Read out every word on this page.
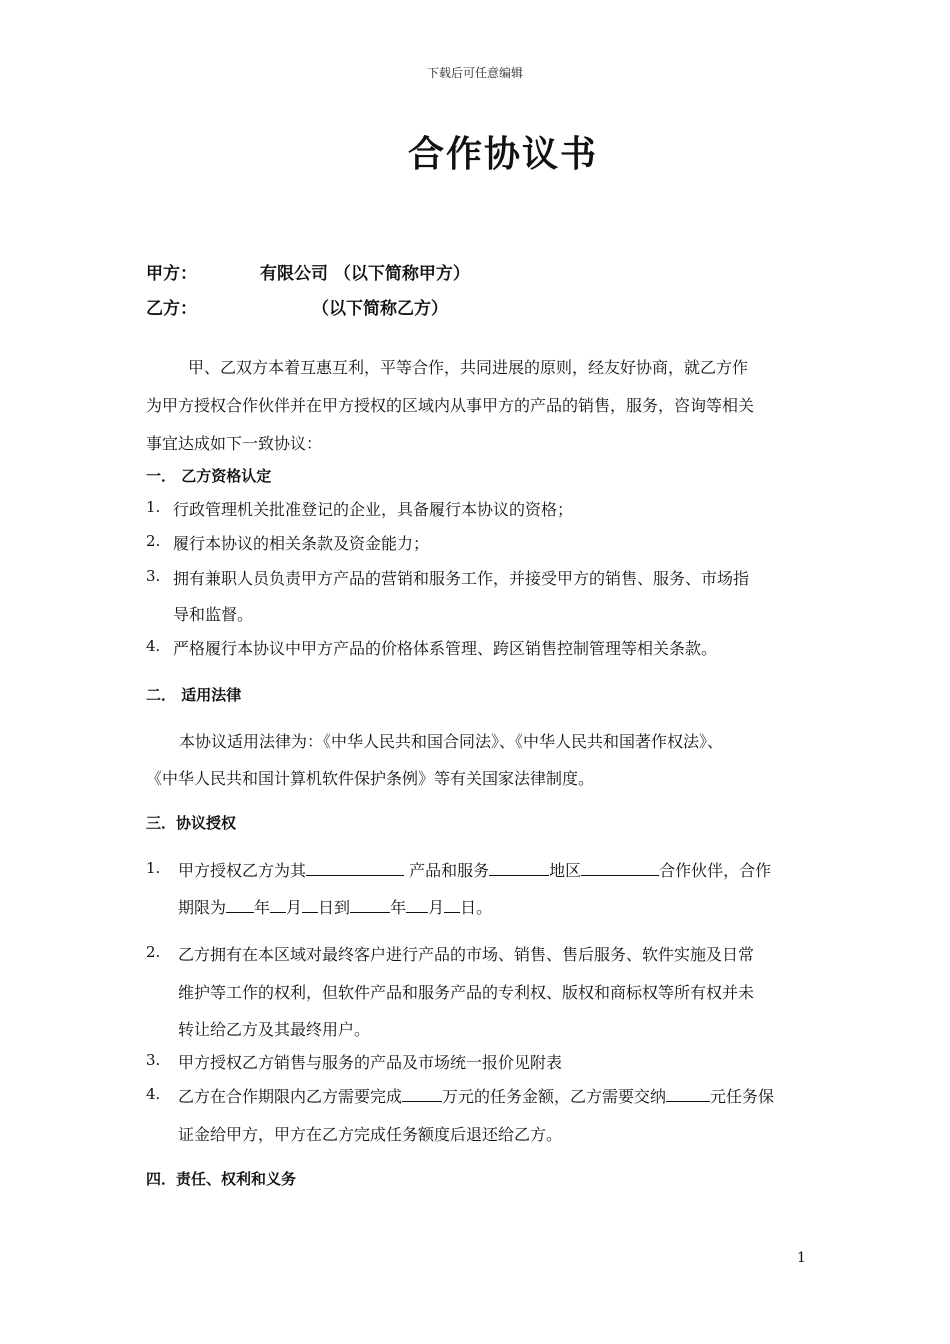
下载后可任意编辑
合作协议书
甲方：	有限公司 （以下简称甲方）
乙方：	（以下简称乙方）
甲、乙双方本着互惠互利，平等合作，共同进展的原则，经友好协商，就乙方作
为甲方授权合作伙伴并在甲方授权的区域内从事甲方的产品的销售，服务，咨询等相关
事宜达成如下一致协议：
一． 乙方资格认定
1. 行政管理机关批准登记的企业，具备履行本协议的资格；
2. 履行本协议的相关条款及资金能力；
3. 拥有兼职人员负责甲方产品的营销和服务工作，并接受甲方的销售、服务、市场指
导和监督。
4. 严格履行本协议中甲方产品的价格体系管理、跨区销售控制管理等相关条款。
二． 适用法律
本协议适用法律为：《中华人民共和国合同法》、《中华人民共和国著作权法》、
《中华人民共和国计算机软件保护条例》等有关国家法律制度。
三．协议授权
1. 甲方授权乙方为其	产品和服务	地区	合作伙伴，合作
期限为 年 月 日到	年 月 日。
2. 乙方拥有在本区域对最终客户进行产品的市场、销售、售后服务、软件实施及日常
维护等工作的权利，但软件产品和服务产品的专利权、版权和商标权等所有权并未
转让给乙方及其最终用户。
3. 甲方授权乙方销售与服务的产品及市场统一报价见附表
4. 乙方在合作期限内乙方需要完成	万元的任务金额，乙方需要交纳	元任务保
证金给甲方，甲方在乙方完成任务额度后退还给乙方。
四．责任、权利和义务
1
